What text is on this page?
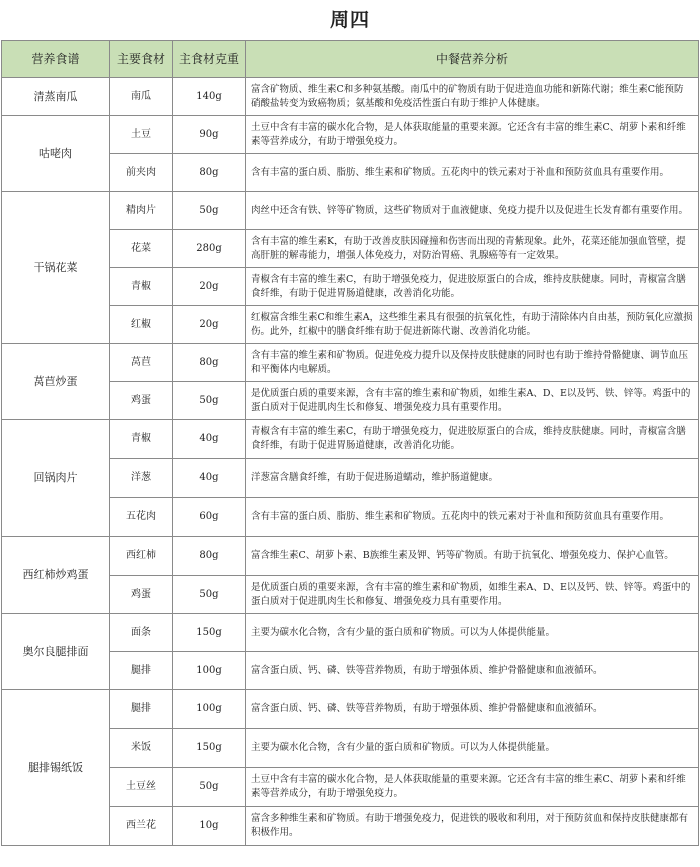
周四
营养食谱	主要食材	主食材克重	中餐营养分析
清蒸南瓜	南瓜	140g	富含矿物质、维生素C和多种氨基酸。南瓜中的矿物质有助于促进造血功能和新陈代谢；维生素C能预防硝酸盐转变为致癌物质；氨基酸和免疫活性蛋白有助于维护人体健康。
咕咾肉	土豆	90g	土豆中含有丰富的碳水化合物，是人体获取能量的重要来源。它还含有丰富的维生素C、胡萝卜素和纤维素等营养成分，有助于增强免疫力。
	前夹肉	80g	含有丰富的蛋白质、脂肪、维生素和矿物质。五花肉中的铁元素对于补血和预防贫血具有重要作用。
干锅花菜	精肉片	50g	肉丝中还含有铁、锌等矿物质，这些矿物质对于血液健康、免疫力提升以及促进生长发育都有重要作用。
	花菜	280g	含有丰富的维生素K，有助于改善皮肤因碰撞和伤害而出现的青紫现象。此外，花菜还能加强血管壁，提高肝脏的解毒能力，增强人体免疫力，对防治胃癌、乳腺癌等有一定效果。
	青椒	20g	青椒含有丰富的维生素C，有助于增强免疫力，促进胶原蛋白的合成，维持皮肤健康。同时，青椒富含膳食纤维，有助于促进胃肠道健康，改善消化功能。
	红椒	20g	红椒富含维生素C和维生素A，这些维生素具有很强的抗氧化性，有助于清除体内自由基，预防氧化应激损伤。此外，红椒中的膳食纤维有助于促进新陈代谢、改善消化功能。
莴苣炒蛋	莴苣	80g	含有丰富的维生素和矿物质。促进免疫力提升以及保持皮肤健康的同时也有助于维持骨骼健康、调节血压和平衡体内电解质。
	鸡蛋	50g	是优质蛋白质的重要来源，含有丰富的维生素和矿物质，如维生素A、D、E以及钙、铁、锌等。鸡蛋中的蛋白质对于促进肌肉生长和修复、增强免疫力具有重要作用。
回锅肉片	青椒	40g	青椒含有丰富的维生素C，有助于增强免疫力，促进胶原蛋白的合成，维持皮肤健康。同时，青椒富含膳食纤维，有助于促进胃肠道健康，改善消化功能。
	洋葱	40g	洋葱富含膳食纤维，有助于促进肠道蠕动，维护肠道健康。
	五花肉	60g	含有丰富的蛋白质、脂肪、维生素和矿物质。五花肉中的铁元素对于补血和预防贫血具有重要作用。
西红柿炒鸡蛋	西红柿	80g	富含维生素C、胡萝卜素、B族维生素及钾、钙等矿物质。有助于抗氧化、增强免疫力、保护心血管。
	鸡蛋	50g	是优质蛋白质的重要来源，含有丰富的维生素和矿物质，如维生素A、D、E以及钙、铁、锌等。鸡蛋中的蛋白质对于促进肌肉生长和修复、增强免疫力具有重要作用。
奥尔良腿排面	面条	150g	主要为碳水化合物，含有少量的蛋白质和矿物质。可以为人体提供能量。
	腿排	100g	富含蛋白质、钙、磷、铁等营养物质，有助于增强体质、维护骨骼健康和血液循环。
腿排锡纸饭	腿排	100g	富含蛋白质、钙、磷、铁等营养物质，有助于增强体质、维护骨骼健康和血液循环。
	米饭	150g	主要为碳水化合物，含有少量的蛋白质和矿物质。可以为人体提供能量。
	土豆丝	50g	土豆中含有丰富的碳水化合物，是人体获取能量的重要来源。它还含有丰富的维生素C、胡萝卜素和纤维素等营养成分，有助于增强免疫力。
	西兰花	10g	富含多种维生素和矿物质。有助于增强免疫力，促进铁的吸收和利用，对于预防贫血和保持皮肤健康都有积极作用。
